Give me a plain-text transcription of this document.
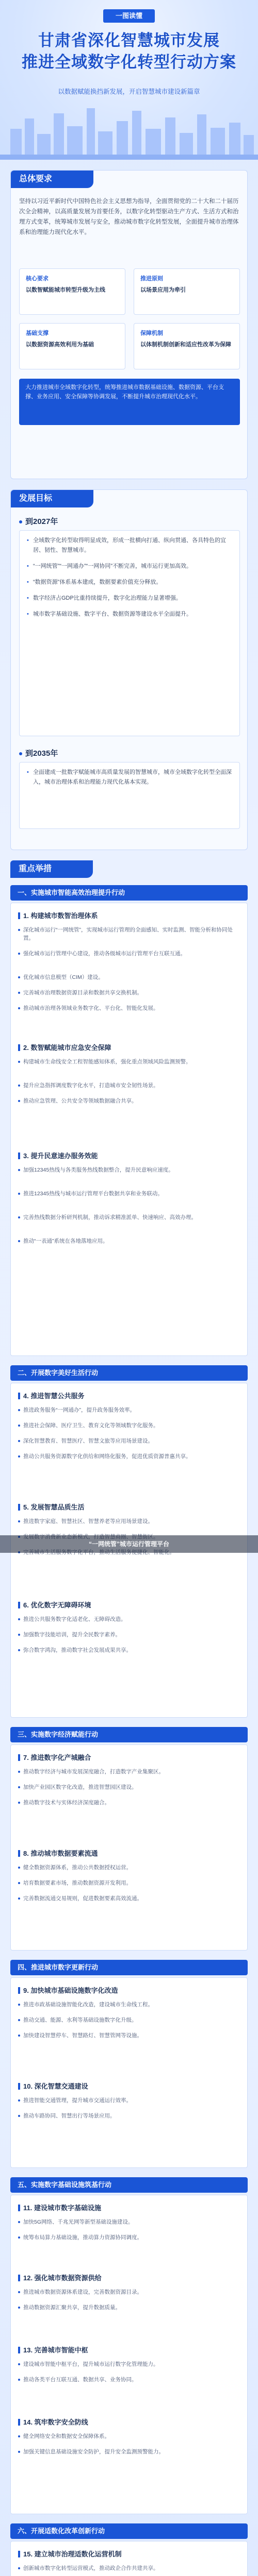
一图读懂
甘肃省深化智慧城市发展
推进全域数字化转型行动方案
以数据赋能换挡新发展，开启智慧城市建设新篇章
总体要求
坚持以习近平新时代中国特色社会主义思想为指导，全面贯彻党的二十大和二十届历次全会精神，以高质量发展为首要任务，以数字化转型驱动生产方式、生活方式和治理方式变革，统筹城市发展与安全，推动城市数字化转型发展，全面提升城市治理体系和治理能力现代化水平。
核心要求
以数智赋能城市转型升级为主线
推进原则
以场景应用为牵引
基础支撑
以数据资源高效利用为基础
保障机制
以体制机制创新和适应性改革为保障
大力推进城市全域数字化转型，统筹推进城市数据基础设施、数据资源、平台支撑、业务应用、安全保障等协调发展，不断提升城市治理现代化水平。
发展目标
到2027年
• 全域数字化转型取得明显成效，形成一批横向打通、纵向贯通、各具特色的宜居、韧性、智慧城市。
• “一网统管”“一网通办”“一网协同”不断完善，城市运行更加高效。
• “数据资源”体系基本建成，数据要素价值充分释放。
• 数字经济占GDP比重持续提升，数字化治理能力显著增强。
• 城市数字基础设施、数字平台、数据资源等建设水平全面提升。
到2035年
• 全面建成一批数字赋能城市高质量发展的智慧城市，城市全域数字化转型全面深入，城市治理体系和治理能力现代化基本实现。
重点举措
一、实施城市智能高效治理提升行动
1. 构建城市数智治理体系
深化城市运行“一网统管”，实现城市运行管理的全面感知、实时监测、智能分析和协同处置。
强化城市运行管理中心建设，推动各级城市运行管理平台互联互通。
优化城市信息模型（CIM）建设。
完善城市治理数据资源目录和数据共享交换机制。
推动城市治理各领域业务数字化、平台化、智能化发展。
2. 数智赋能城市应急安全保障
构建城市生命线安全工程智能感知体系，强化重点领域风险监测预警。
提升应急指挥调度数字化水平，打造城市安全韧性场景。
推动应急管理、公共安全等领域数据融合共享。
3. 提升民意速办服务效能
加强12345热线与各类服务热线数据整合，提升民意响应速度。
推进12345热线与城市运行管理平台数据共享和业务联动。
完善热线数据分析研判机制，推动诉求精准派单、快速响应、高效办理。
推动“一表通”系统在各地落地应用。
二、开展数字美好生活行动
4. 推进智慧公共服务
推进政务服务“一网通办”，提升政务服务效率。
推进社会保障、医疗卫生、教育文化等领域数字化服务。
深化智慧教育、智慧医疗、智慧文旅等应用场景建设。
推动公共服务资源数字化供给和网络化服务，促进优质资源普惠共享。
5. 发展智慧品质生活
推进数字家庭、智慧社区、智慧养老等应用场景建设。
6. 优化数字无障碍环境
推进公共服务数字化适老化、无障碍改造。
加强数字技能培训，提升全民数字素养。
弥合数字鸿沟，推动数字社会发展成果共享。
“一网统管”城市运行管理平台
三、实施数字经济赋能行动
7. 推进数字化产城融合
推动数字经济与城市发展深度融合，打造数字产业集聚区。
加快产业园区数字化改造，推进智慧园区建设。
推动数字技术与实体经济深度融合。
8. 推动城市数据要素流通
健全数据资源体系，推动公共数据授权运营。
培育数据要素市场，推动数据资源开发利用。
完善数据流通交易规则，促进数据要素高效流通。
四、推进城市数字更新行动
9. 加快城市基础设施数字化改造
推进市政基础设施智能化改造，建设城市生命线工程。
推动交通、能源、水利等基础设施数字化升级。
加快建设智慧停车、智慧路灯、智慧管网等设施。
10. 深化智慧交通建设
推进智能交通管理，提升城市交通运行效率。
推动车路协同、智慧出行等场景应用。
五、实施数字基础设施筑基行动
11. 建设城市数字基础设施
加快5G网络、千兆光网等新型基础设施建设。
统筹布局算力基础设施，推动算力资源协同调度。
12. 强化城市数据资源供给
推进城市数据资源体系建设，完善数据资源目录。
推动数据资源汇聚共享，提升数据质量。
13. 完善城市智能中枢
建设城市智能中枢平台，提升城市运行数字化管理能力。
推动各类平台互联互通、数据共享、业务协同。
14. 筑牢数字安全防线
健全网络安全和数据安全保障体系。
加强关键信息基础设施安全防护，提升安全监测预警能力。
六、开展适数化改革创新行动
15. 建立城市治理适数化运营机制
创新城市数字化转型运营模式，推动政企合作共建共享。
